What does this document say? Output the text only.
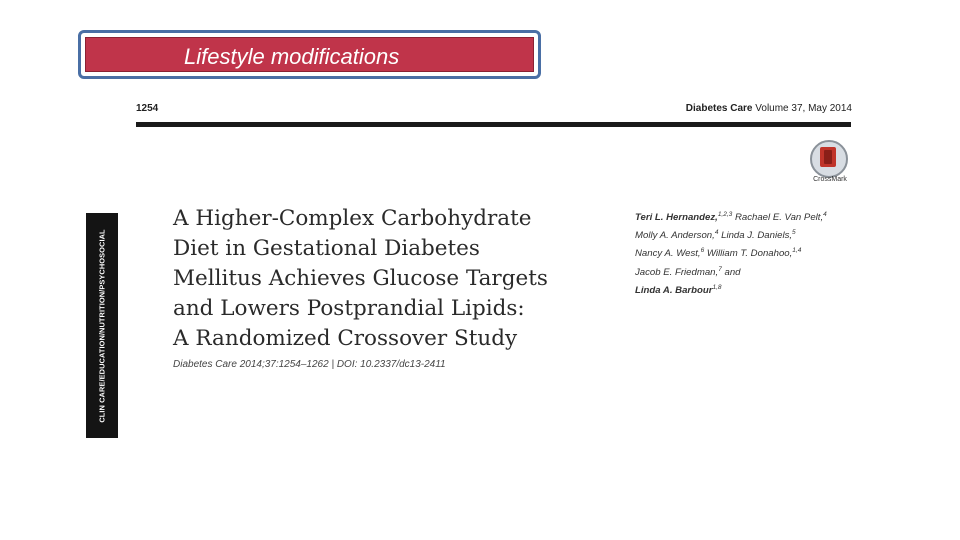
Lifestyle modifications
1254	Diabetes Care Volume 37, May 2014
CrossMark
CLIN CARE/EDUCATION/NUTRITION/PSYCHOSOCIAL
A Higher-Complex Carbohydrate
Diet in Gestational Diabetes
Mellitus Achieves Glucose Targets
and Lowers Postprandial Lipids:
A Randomized Crossover Study
Diabetes Care 2014;37:1254–1262 | DOI: 10.2337/dc13-2411
Teri L. Hernandez,$^{1,2,3}$ Rachael E. Van Pelt,$^4$
Molly A. Anderson,$^4$ Linda J. Daniels,$^5$
Nancy A. West,$^6$ William T. Donahoo,$^{1,4}$
Jacob E. Friedman,$^7$ and
Linda A. Barbour$^{1,8}$
